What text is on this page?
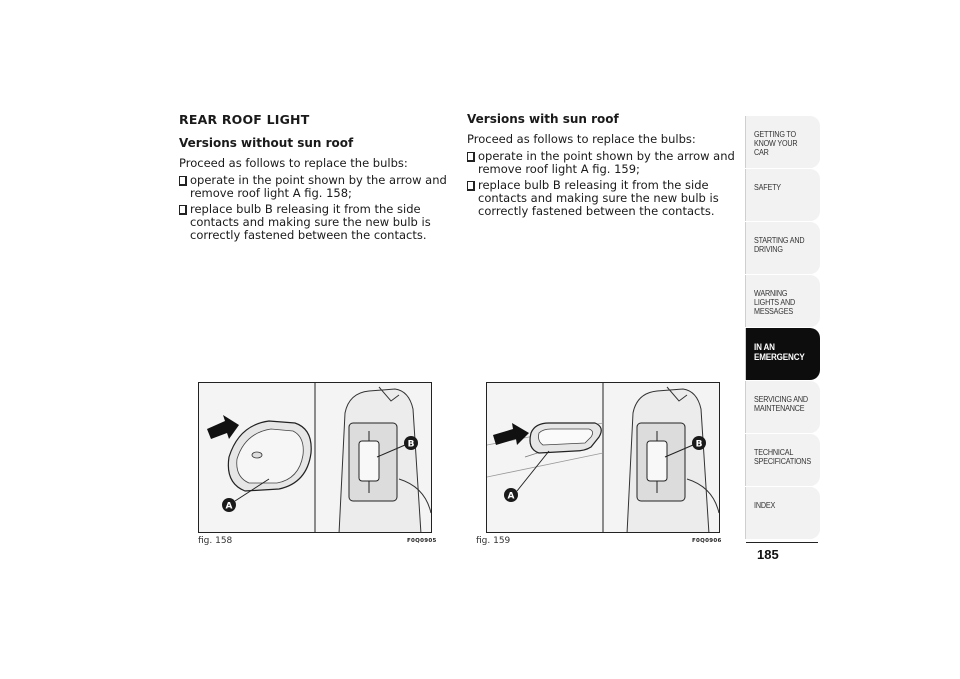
REAR ROOF LIGHT
Versions without sun roof
Proceed as follows to replace the bulbs:
operate in the point shown by the arrow and remove roof light A fig. 158;
replace bulb B releasing it from the side contacts and making sure the new bulb is correctly fastened between the contacts.
Versions with sun roof
Proceed as follows to replace the bulbs:
operate in the point shown by the arrow and remove roof light A fig. 159;
replace bulb B releasing it from the side contacts and making sure the new bulb is correctly fastened between the contacts.
A
B
fig. 158	F0Q0905
A
B
fig. 159	F0Q0906
GETTING TO KNOW YOUR CAR
SAFETY
STARTING AND DRIVING
WARNING LIGHTS AND MESSAGES
IN AN EMERGENCY
SERVICING AND MAINTENANCE
TECHNICAL SPECIFICATIONS
INDEX
185
